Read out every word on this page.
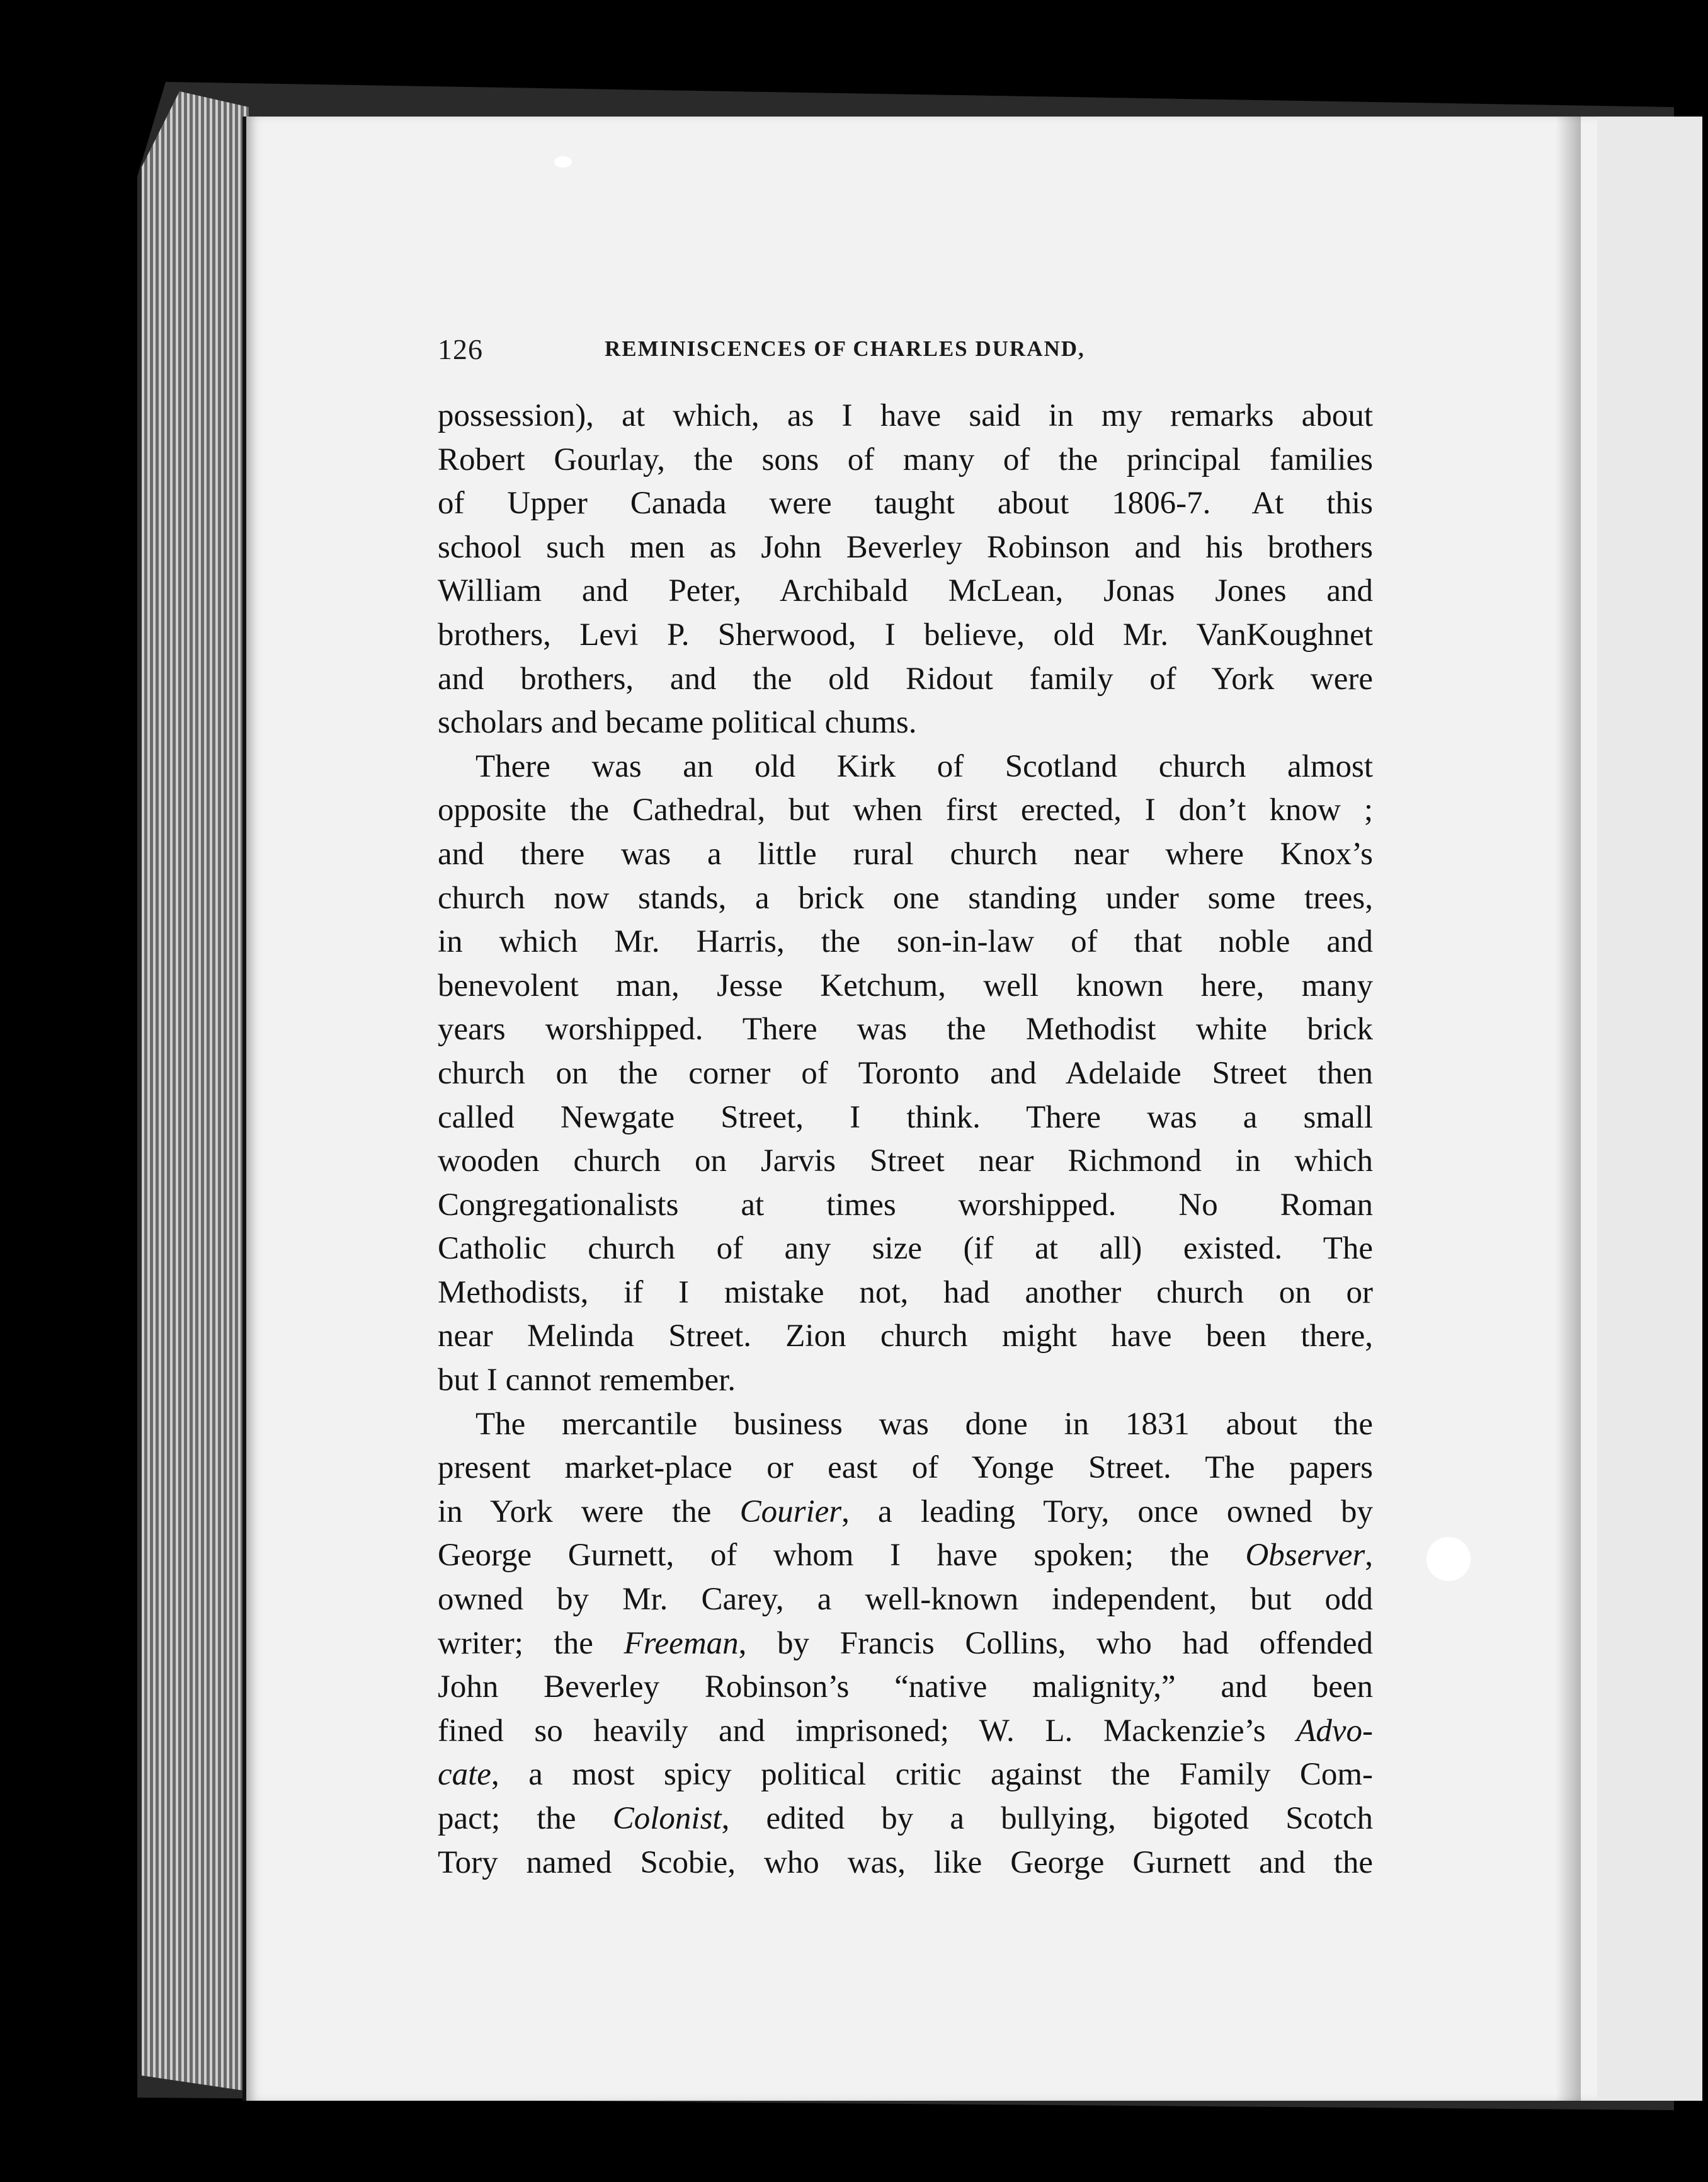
126	REMINISCENCES OF CHARLES DURAND,
possession), at which, as I have said in my remarks about
Robert Gourlay, the sons of many of the principal families
of Upper Canada were taught about 1806-7. At this
school such men as John Beverley Robinson and his brothers
William and Peter, Archibald McLean, Jonas Jones and
brothers, Levi P. Sherwood, I believe, old Mr. VanKoughnet
and brothers, and the old Ridout family of York were
scholars and became political chums.
There was an old Kirk of Scotland church almost
opposite the Cathedral, but when first erected, I don’t know ;
and there was a little rural church near where Knox’s
church now stands, a brick one standing under some trees,
in which Mr. Harris, the son-in-law of that noble and
benevolent man, Jesse Ketchum, well known here, many
years worshipped. There was the Methodist white brick
church on the corner of Toronto and Adelaide Street then
called Newgate Street, I think. There was a small
wooden church on Jarvis Street near Richmond in which
Congregationalists at times worshipped. No Roman
Catholic church of any size (if at all) existed. The
Methodists, if I mistake not, had another church on or
near Melinda Street. Zion church might have been there,
but I cannot remember.
The mercantile business was done in 1831 about the
present market-place or east of Yonge Street. The papers
in York were the Courier, a leading Tory, once owned by
George Gurnett, of whom I have spoken; the Observer,
owned by Mr. Carey, a well-known independent, but odd
writer; the Freeman, by Francis Collins, who had offended
John Beverley Robinson’s “native malignity,” and been
fined so heavily and imprisoned; W. L. Mackenzie’s Advo-
cate, a most spicy political critic against the Family Com-
pact; the Colonist, edited by a bullying, bigoted Scotch
Tory named Scobie, who was, like George Gurnett and the
